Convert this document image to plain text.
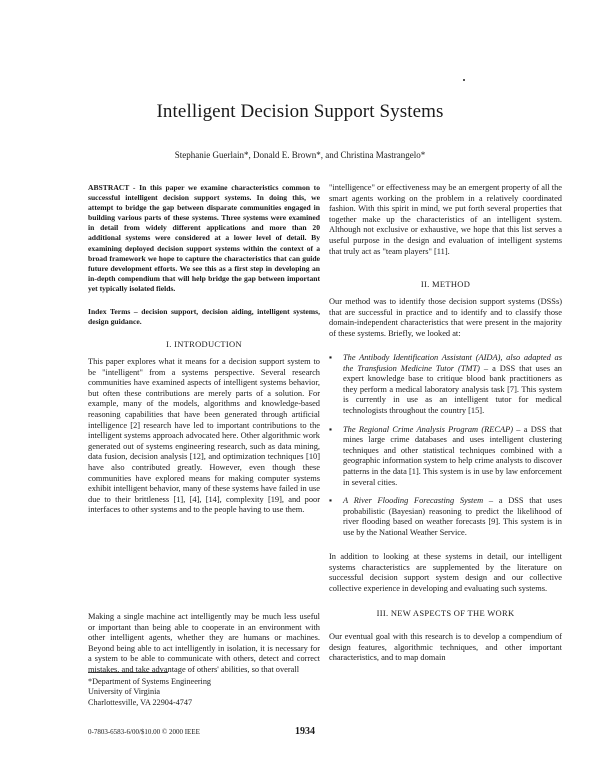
Intelligent Decision Support Systems
Stephanie Guerlain*, Donald E. Brown*, and Christina Mastrangelo*
ABSTRACT - In this paper we examine characteristics common to successful intelligent decision support systems. In doing this, we attempt to bridge the gap between disparate communities engaged in building various parts of these systems. Three systems were examined in detail from widely different applications and more than 20 additional systems were considered at a lower level of detail. By examining deployed decision support systems within the context of a broad framework we hope to capture the characteristics that can guide future development efforts. We see this as a first step in developing an in-depth compendium that will help bridge the gap between important yet typically isolated fields.
Index Terms – decision support, decision aiding, intelligent systems, design guidance.
I. INTRODUCTION
This paper explores what it means for a decision support system to be "intelligent" from a systems perspective. Several research communities have examined aspects of intelligent systems behavior, but often these contributions are merely parts of a solution. For example, many of the models, algorithms and knowledge-based reasoning capabilities that have been generated through artificial intelligence [2] research have led to important contributions to the intelligent systems approach advocated here. Other algorithmic work generated out of systems engineering research, such as data mining, data fusion, decision analysis [12], and optimization techniques [10] have also contributed greatly. However, even though these communities have explored means for making computer systems exhibit intelligent behavior, many of these systems have failed in use due to their brittleness [1], [4], [14], complexity [19], and poor interfaces to other systems and to the people having to use them.
Making a single machine act intelligently may be much less useful or important than being able to cooperate in an environment with other intelligent agents, whether they are humans or machines. Beyond being able to act intelligently in isolation, it is necessary for a system to be able to communicate with others, detect and correct mistakes, and take advantage of others' abilities, so that overall
*Department of Systems Engineering
University of Virginia
Charlottesville, VA 22904-4747
"intelligence" or effectiveness may be an emergent property of all the smart agents working on the problem in a relatively coordinated fashion. With this spirit in mind, we put forth several properties that together make up the characteristics of an intelligent system. Although not exclusive or exhaustive, we hope that this list serves a useful purpose in the design and evaluation of intelligent systems that truly act as "team players" [11].
II. METHOD
Our method was to identify those decision support systems (DSSs) that are successful in practice and to identify and to classify those domain-independent characteristics that were present in the majority of these systems. Briefly, we looked at:
▪ The Antibody Identification Assistant (AIDA), also adapted as the Transfusion Medicine Tutor (TMT) – a DSS that uses an expert knowledge base to critique blood bank practitioners as they perform a medical laboratory analysis task [7]. This system is currently in use as an intelligent tutor for medical technologists throughout the country [15].
▪ The Regional Crime Analysis Program (RECAP) – a DSS that mines large crime databases and uses intelligent clustering techniques and other statistical techniques combined with a geographic information system to help crime analysts to discover patterns in the data [1]. This system is in use by law enforcement in several cities.
▪ A River Flooding Forecasting System – a DSS that uses probabilistic (Bayesian) reasoning to predict the likelihood of river flooding based on weather forecasts [9]. This system is in use by the National Weather Service.
In addition to looking at these systems in detail, our intelligent systems characteristics are supplemented by the literature on successful decision support system design and our collective collective experience in developing and evaluating such systems.
III. NEW ASPECTS OF THE WORK
Our eventual goal with this research is to develop a compendium of design features, algorithmic techniques, and other important characteristics, and to map domain
0-7803-6583-6/00/$10.00 © 2000 IEEE	1934
